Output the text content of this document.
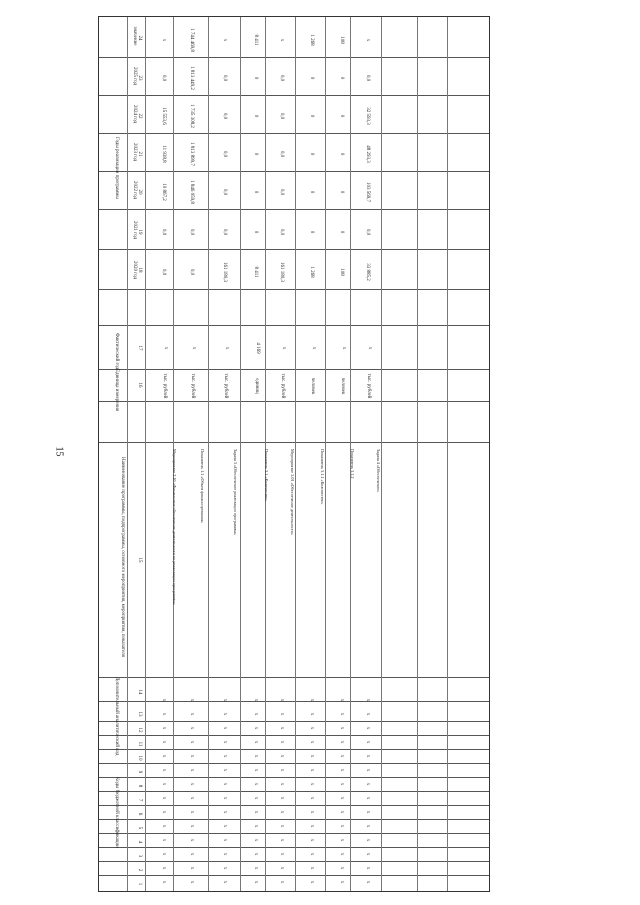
15
Годы реализации программы
Коды бюджетной классификации
Дополнительный аналитический код
Наименование программы, подпрограммы, основного мероприятия, мероприятия, показателя
Единица измерения
Фактический год
2020 год
2021 год
2022 год
2023 год
2024 год
2025 год
значение
1
2
3
4
5
6
7
8
9
10
11
12
13
14
15
16
17
18
19
20
21
22
23
24
Мероприятие 2.10 «Финансовое обеспечение деятельности по реализации программы»
тыс. рублей
х
0,0
0,0
10 867,2
11 938,8
15 553,6
0,0
х
х
х
х
х
х
х
х
х
х
х
х
х
х
х
Показатель 1.1 «Объем финансирования»
тыс. рублей
х
0,0
0,0
1 846 059,8
1 813 899,7
1 735 308,2
1 813 449,2
1 744 469,8
х
х
х
х
х
х
х
х
х
х
х
х
х
х
Задача 3 «Обеспечение реализации программы»
тыс. рублей
х
161 180,3
0,0
0,0
0,0
0,0
0,0
х
х
х
х
х
х
х
х
х
х
х
х
х
х
х
Показатель 3.1 «Количество»
единиц
4 169
8 411
0
0
0
0
0
8 411
х
х
х
х
х
х
х
х
х
х
х
х
х
х
Мероприятие 3.01 «Обеспечение деятельности»
тыс. рублей
х
161 180,3
0,0
0,0
0,0
0,0
0,0
х
х
х
х
х
х
х
х
х
х
х
х
х
х
х
Показатель 3.1.1 «Количество»
человек
х
1 268
0
0
0
0
0
1 268
х
х
х
х
х
х
х
х
х
х
х
х
х
х
Показатель 3.1.2
человек
х
108
0
0
0
0
0
108
х
х
х
х
х
х
х
х
х
х
х
х
х
х
Задача 4 «Обеспечение»
тыс. рублей
х
33 885,2
0,0
103 569,7
48 293,3
32 593,3
0,0
х
х
х
х
х
х
х
х
х
х
х
х
х
х
х
